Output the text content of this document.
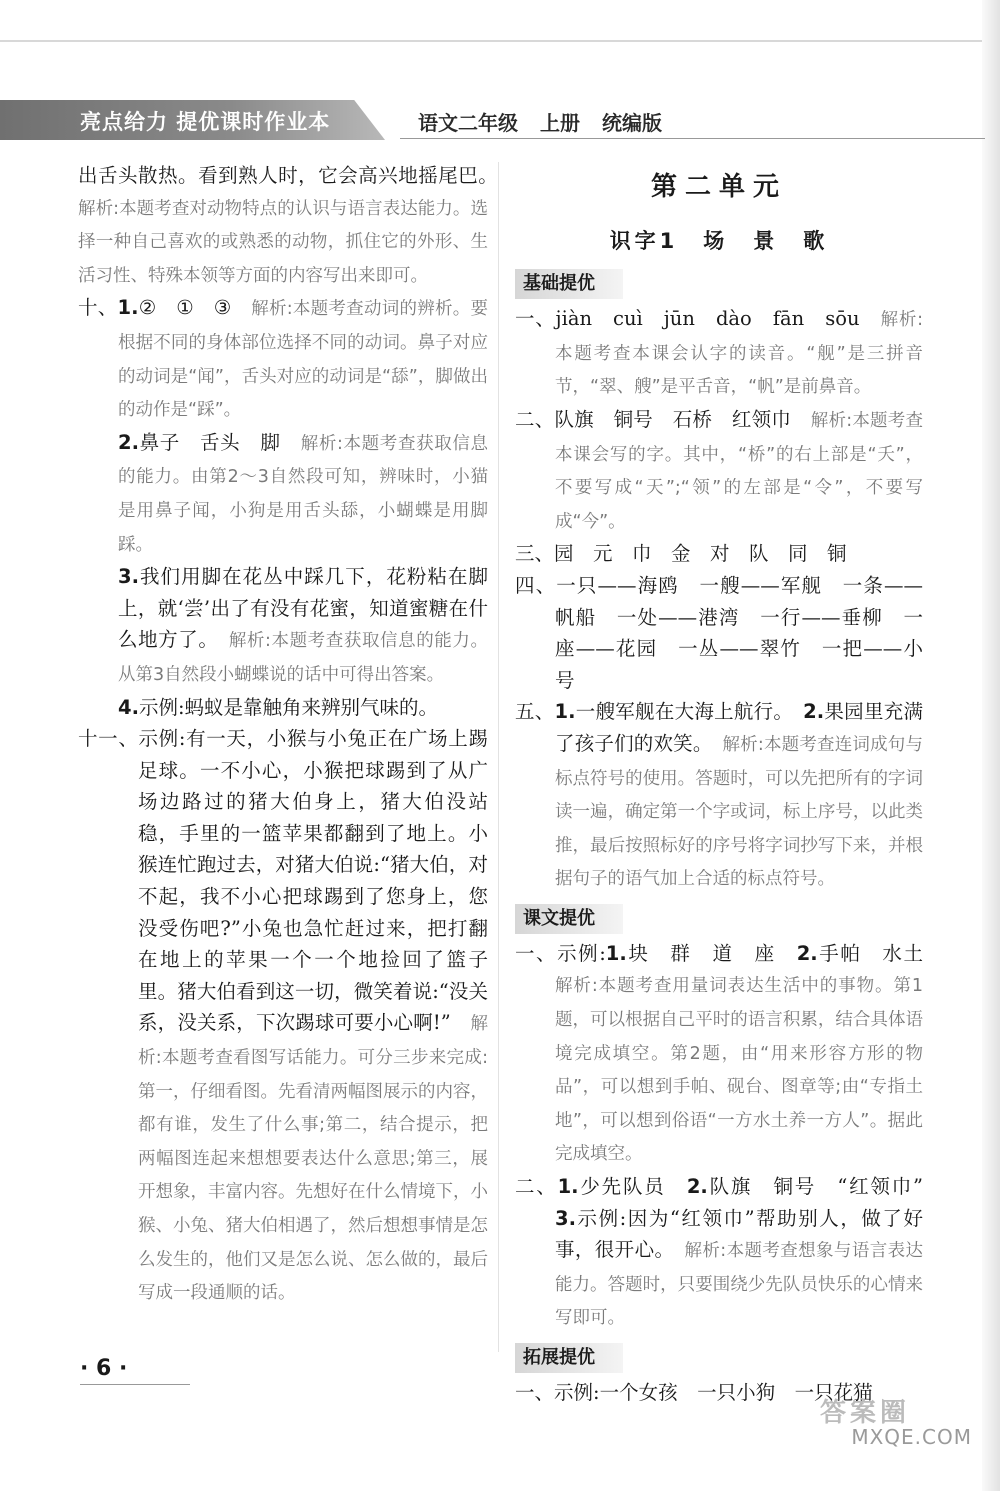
亮点给力 提优课时作业本	语文二年级 上册 统编版

出舌头散热。看到熟人时，它会高兴地摇尾巴。　解析:本题考查对动物特点的认识与语言表达能力。选择一种自己喜欢的或熟悉的动物，抓住它的外形、生活习性、特殊本领等方面的内容写出来即可。

十、1.②　①　③　解析:本题考查动词的辨析。要根据不同的身体部位选择不同的动词。鼻子对应的动词是“闻”，舌头对应的动词是“舔”，脚做出的动作是“踩”。

2.鼻子　舌头　脚　解析:本题考查获取信息的能力。由第2～3自然段可知，辨味时，小猫是用鼻子闻，小狗是用舌头舔，小蝴蝶是用脚踩。

3.我们用脚在花丛中踩几下，花粉粘在脚上，就‘尝’出了有没有花蜜，知道蜜糖在什么地方了。　 解析:本题考查获取信息的能力。从第3自然段小蝴蝶说的话中可得出答案。

4.示例:蚂蚁是靠触角来辨别气味的。

十一、示例:有一天，小猴与小兔正在广场上踢足球。一不小心，小猴把球踢到了从广场边路过的猪大伯身上，猪大伯没站稳，手里的一篮苹果都翻到了地上。小猴连忙跑过去，对猪大伯说:“猪大伯，对不起，我不小心把球踢到了您身上，您没受伤吧?”小兔也急忙赶过来，把打翻在地上的苹果一个一个地捡回了篮子里。猪大伯看到这一切，微笑着说:“没关系，没关系，下次踢球可要小心啊!”　 解析:本题考查看图写话能力。可分三步来完成:第一，仔细看图。先看清两幅图展示的内容，都有谁，发生了什么事;第二，结合提示，把两幅图连起来想想要表达什么意思;第三，展开想象，丰富内容。先想好在什么情境下，小猴、小兔、猪大伯相遇了，然后想想事情是怎么发生的，他们又是怎么说、怎么做的，最后写成一段通顺的话。

第二单元
识字1　场　景　歌
基础提优

一、jiàn　cuì　jūn　dào　fān　sōu　解析:本题考查本课会认字的读音。“舰”是三拼音节，“翠、艘”是平舌音，“帆”是前鼻音。

二、队旗　铜号　石桥　红领巾　解析:本题考查本课会写的字。其中，“桥”的右上部是“夭”，不要写成“天”;“领”的左部是“令”，不要写成“今”。

三、园　元　巾　金　对　队　同　铜

四、一只——海鸥　一艘——军舰　一条——帆船　一处——港湾　一行——垂柳　一座——花园　一丛——翠竹　一把——小号

五、1.一艘军舰在大海上航行。　 2.果园里充满了孩子们的欢笑。　 解析:本题考查连词成句与标点符号的使用。答题时，可以先把所有的字词读一遍，确定第一个字或词，标上序号，以此类推，最后按照标好的序号将字词抄写下来，并根据句子的语气加上合适的标点符号。

课文提优

一、示例:1.块　群　道　座　2.手帕　水土　解析:本题考查用量词表达生活中的事物。第1题，可以根据自己平时的语言积累，结合具体语境完成填空。第2题，由“用来形容方形的物品”，可以想到手帕、砚台、图章等;由“专指土地”，可以想到俗语“一方水土养一方人”。据此完成填空。

二、1.少先队员　2.队旗　铜号　“红领巾”　3.示例:因为“红领巾”帮助别人，做了好事，很开心。　 解析:本题考查想象与语言表达能力。答题时，只要围绕少先队员快乐的心情来写即可。

拓展提优

一、示例:一个女孩　一只小狗　一只花猫

· 6 ·
答案圈
MXQE.COM
